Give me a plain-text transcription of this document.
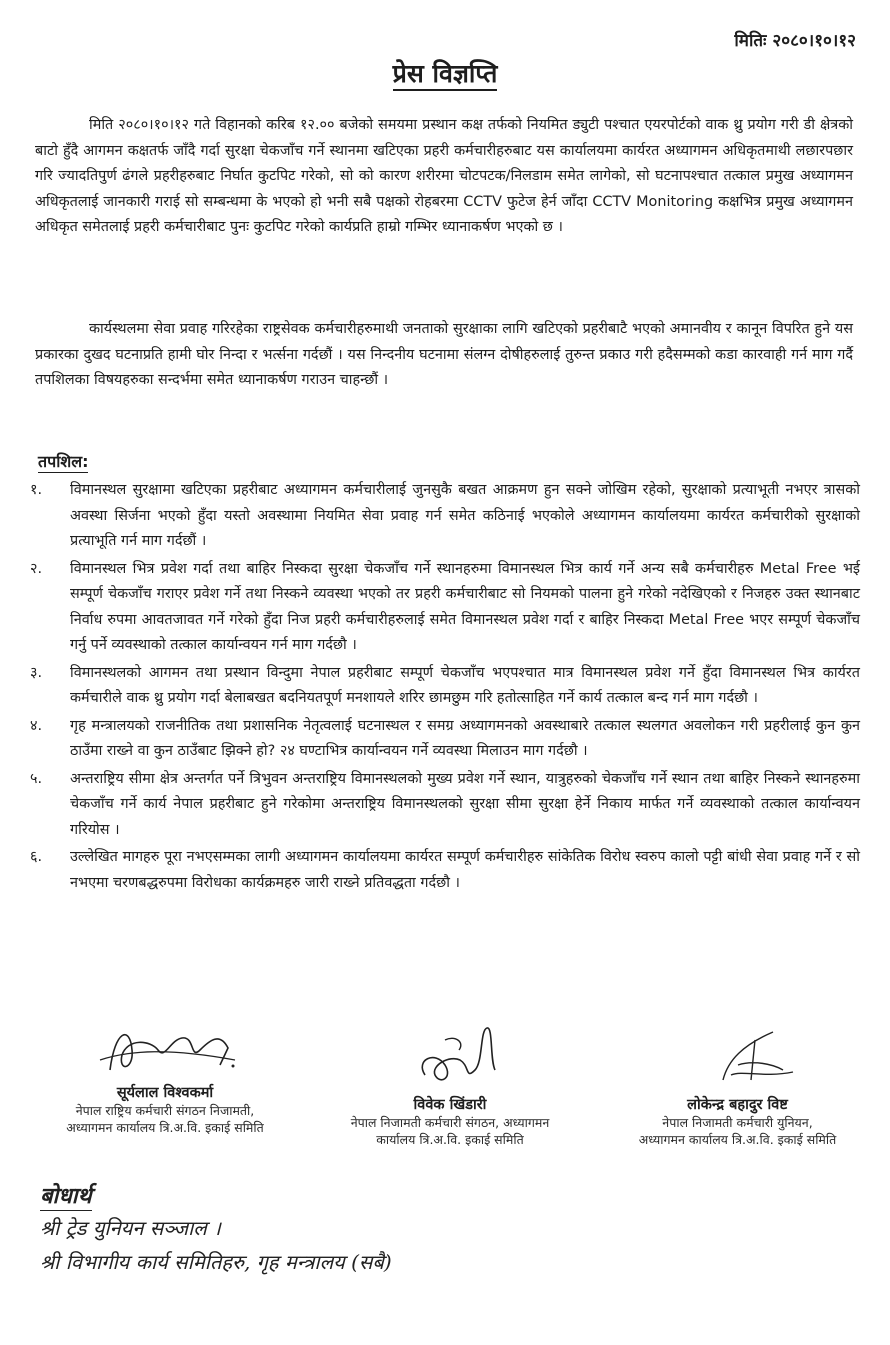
मितिः २०८०।१०।१२
प्रेस विज्ञप्ति

मिति २०८०।१०।१२ गते विहानको करिब १२.०० बजेको समयमा प्रस्थान कक्ष तर्फको नियमित ड्युटी पश्चात एयरपोर्टको वाक थ्रु प्रयोग गरी डी क्षेत्रको बाटो हुँदै आगमन कक्षतर्फ जाँदै गर्दा सुरक्षा चेकजाँच गर्ने स्थानमा खटिएका प्रहरी कर्मचारीहरुबाट यस कार्यालयमा कार्यरत अध्यागमन अधिकृतमाथी लछारपछार गरि ज्यादतिपुर्ण ढंगले प्रहरीहरुबाट निर्घात कुटपिट गरेको, सो को कारण शरीरमा चोटपटक/निलडाम समेत लागेको, सो घटनापश्चात तत्काल प्रमुख अध्यागमन अधिकृतलाई जानकारी गराई सो सम्बन्धमा के भएको हो भनी सबै पक्षको रोहबरमा CCTV फुटेज हेर्न जाँदा CCTV Monitoring कक्षभित्र प्रमुख अध्यागमन अधिकृत समेतलाई प्रहरी कर्मचारीबाट पुनः कुटपिट गरेको कार्यप्रति हाम्रो गम्भिर ध्यानाकर्षण भएको छ ।

कार्यस्थलमा सेवा प्रवाह गरिरहेका राष्ट्रसेवक कर्मचारीहरुमाथी जनताको सुरक्षाका लागि खटिएको प्रहरीबाटै भएको अमानवीय र कानून विपरित हुने यस प्रकारका दुखद घटनाप्रति हामी घोर निन्दा र भर्त्सना गर्दछौं । यस निन्दनीय घटनामा संलग्न दोषीहरुलाई तुरुन्त प्रकाउ गरी हदैसम्मको कडा कारवाही गर्न माग गर्दै तपशिलका विषयहरुका सन्दर्भमा समेत ध्यानाकर्षण गराउन चाहन्छौं ।

तपशिल:
१.	विमानस्थल सुरक्षामा खटिएका प्रहरीबाट अध्यागमन कर्मचारीलाई जुनसुकै बखत आक्रमण हुन सक्ने जोखिम रहेको, सुरक्षाको प्रत्याभूती नभएर त्रासको अवस्था सिर्जना भएको हुँदा यस्तो अवस्थामा नियमित सेवा प्रवाह गर्न समेत कठिनाई भएकोले अध्यागमन कार्यालयमा कार्यरत कर्मचारीको सुरक्षाको प्रत्याभूति गर्न माग गर्दछौं ।
२.	विमानस्थल भित्र प्रवेश गर्दा तथा बाहिर निस्कदा सुरक्षा चेकजाँच गर्ने स्थानहरुमा विमानस्थल भित्र कार्य गर्ने अन्य सबै कर्मचारीहरु Metal Free भई सम्पूर्ण चेकजाँच गराएर प्रवेश गर्ने तथा निस्कने व्यवस्था भएको तर प्रहरी कर्मचारीबाट सो नियमको पालना हुने गरेको नदेखिएको र निजहरु उक्त स्थानबाट निर्वाध रुपमा आवतजावत गर्ने गरेको हुँदा निज प्रहरी कर्मचारीहरुलाई समेत विमानस्थल प्रवेश गर्दा र बाहिर निस्कदा Metal Free भएर सम्पूर्ण चेकजाँच गर्नु पर्ने व्यवस्थाको तत्काल कार्यान्वयन गर्न माग गर्दछौ ।
३.	विमानस्थलको आगमन तथा प्रस्थान विन्दुमा नेपाल प्रहरीबाट सम्पूर्ण चेकजाँच भएपश्चात मात्र विमानस्थल प्रवेश गर्ने हुँदा विमानस्थल भित्र कार्यरत कर्मचारीले वाक थ्रु प्रयोग गर्दा बेलाबखत बदनियतपूर्ण मनशायले शरिर छामछुम गरि हतोत्साहित गर्ने कार्य तत्काल बन्द गर्न माग गर्दछौ ।
४.	गृह मन्त्रालयको राजनीतिक तथा प्रशासनिक नेतृत्वलाई घटनास्थल र समग्र अध्यागमनको अवस्थाबारे तत्काल स्थलगत अवलोकन गरी प्रहरीलाई कुन कुन ठाउँमा राख्ने वा कुन ठाउँबाट झिक्ने हो? २४ घण्टाभित्र कार्यान्वयन गर्ने व्यवस्था मिलाउन माग गर्दछौ ।
५.	अन्तराष्ट्रिय सीमा क्षेत्र अन्तर्गत पर्ने त्रिभुवन अन्तराष्ट्रिय विमानस्थलको मुख्य प्रवेश गर्ने स्थान, यात्रुहरुको चेकजाँच गर्ने स्थान तथा बाहिर निस्कने स्थानहरुमा चेकजाँच गर्ने कार्य नेपाल प्रहरीबाट हुने गरेकोमा अन्तराष्ट्रिय विमानस्थलको सुरक्षा सीमा सुरक्षा हेर्ने निकाय मार्फत गर्ने व्यवस्थाको तत्काल कार्यान्वयन गरियोस ।
६.	उल्लेखित मागहरु पूरा नभएसम्मका लागी अध्यागमन कार्यालयमा कार्यरत सम्पूर्ण कर्मचारीहरु सांकेतिक विरोध स्वरुप कालो पट्टी बांधी सेवा प्रवाह गर्ने र सो नभएमा चरणबद्धरुपमा विरोधका कार्यक्रमहरु जारी राख्ने प्रतिवद्धता गर्दछौ ।
सूर्यलाल विश्वकर्मा
नेपाल राष्ट्रिय कर्मचारी संगठन निजामती,
अध्यागमन कार्यालय त्रि.अ.वि. इकाई समिति
विवेक खिंडारी
नेपाल निजामती कर्मचारी संगठन, अध्यागमन
कार्यालय त्रि.अ.वि. इकाई समिति
लोकेन्द्र बहादुर विष्ट
नेपाल निजामती कर्मचारी युनियन,
अध्यागमन कार्यालय त्रि.अ.वि. इकाई समिति
बोधार्थ
श्री ट्रेड युनियन सञ्जाल ।
श्री विभागीय कार्य समितिहरु, गृह मन्त्रालय (सबै)
